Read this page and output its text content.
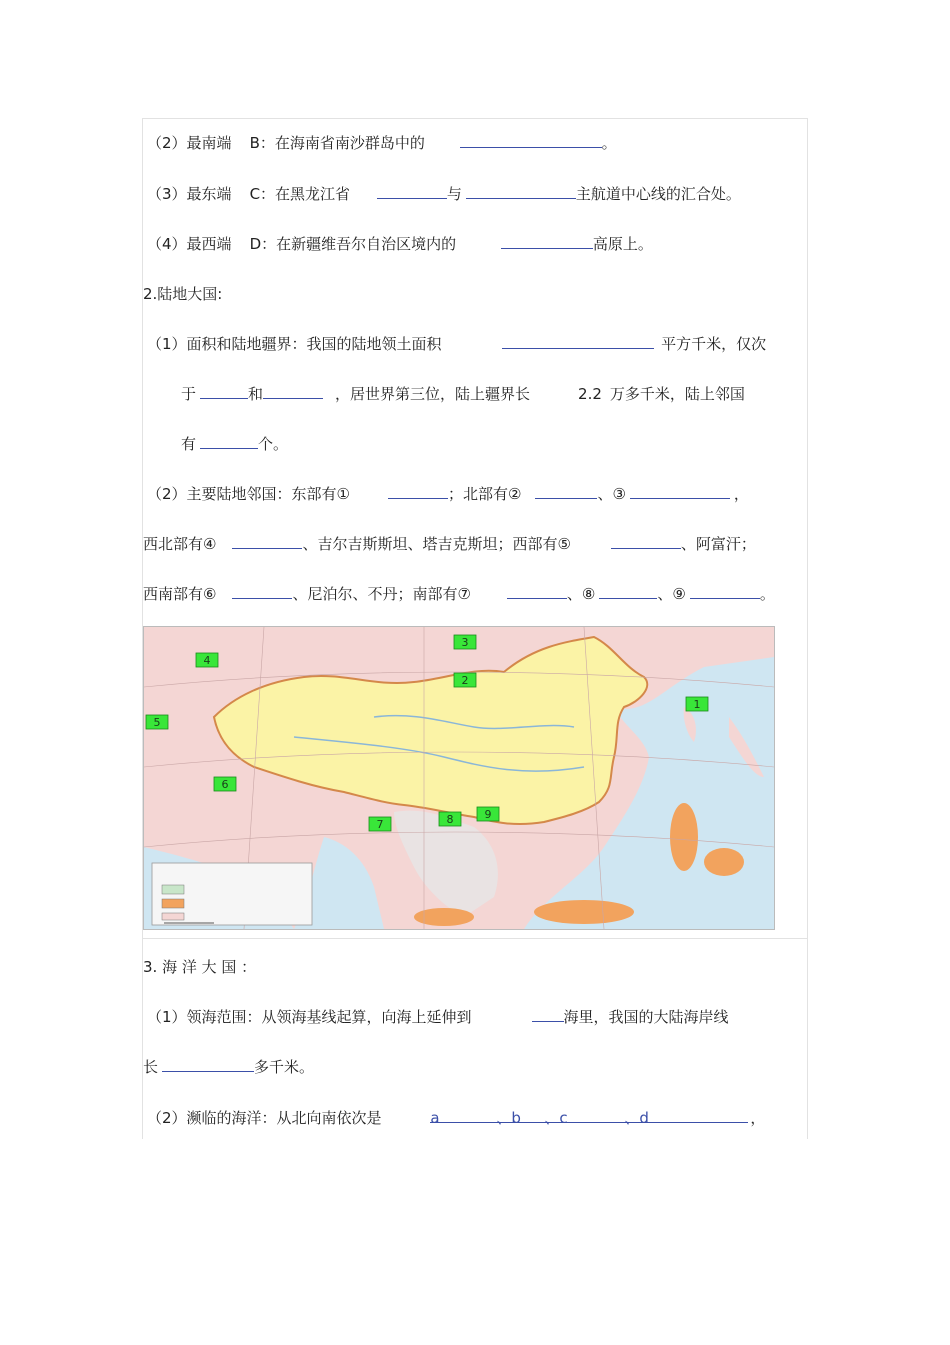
（2）最南端 B：在海南省南沙群岛中的	。
（3）最东端 C：在黑龙江省	与	主航道中心线的汇合处。
（4）最西端 D：在新疆维吾尔自治区境内的	高原上。
2.陆地大国:
（1）面积和陆地疆界：我国的陆地领土面积	平方千米，仅次
于	和	，居世界第三位，陆上疆界长	2.2 万多千米，陆上邻国
有	个。
（2）主要陆地邻国：东部有①	；北部有②	、③	，
西北部有④	、吉尔吉斯斯坦、塔吉克斯坦；西部有⑤	、阿富汗；
西南部有⑥	、尼泊尔、不丹；南部有⑦	、⑧	、⑨	。
1
2
3
4
5
6
7	8	9
3. 海 洋 大 国 ：
（1）领海范围：从领海基线起算，向海上延伸到	海里，我国的大陆海岸线
长	多千米。
（2）濒临的海洋：从北向南依次是	a	、b 、c	、d	，
